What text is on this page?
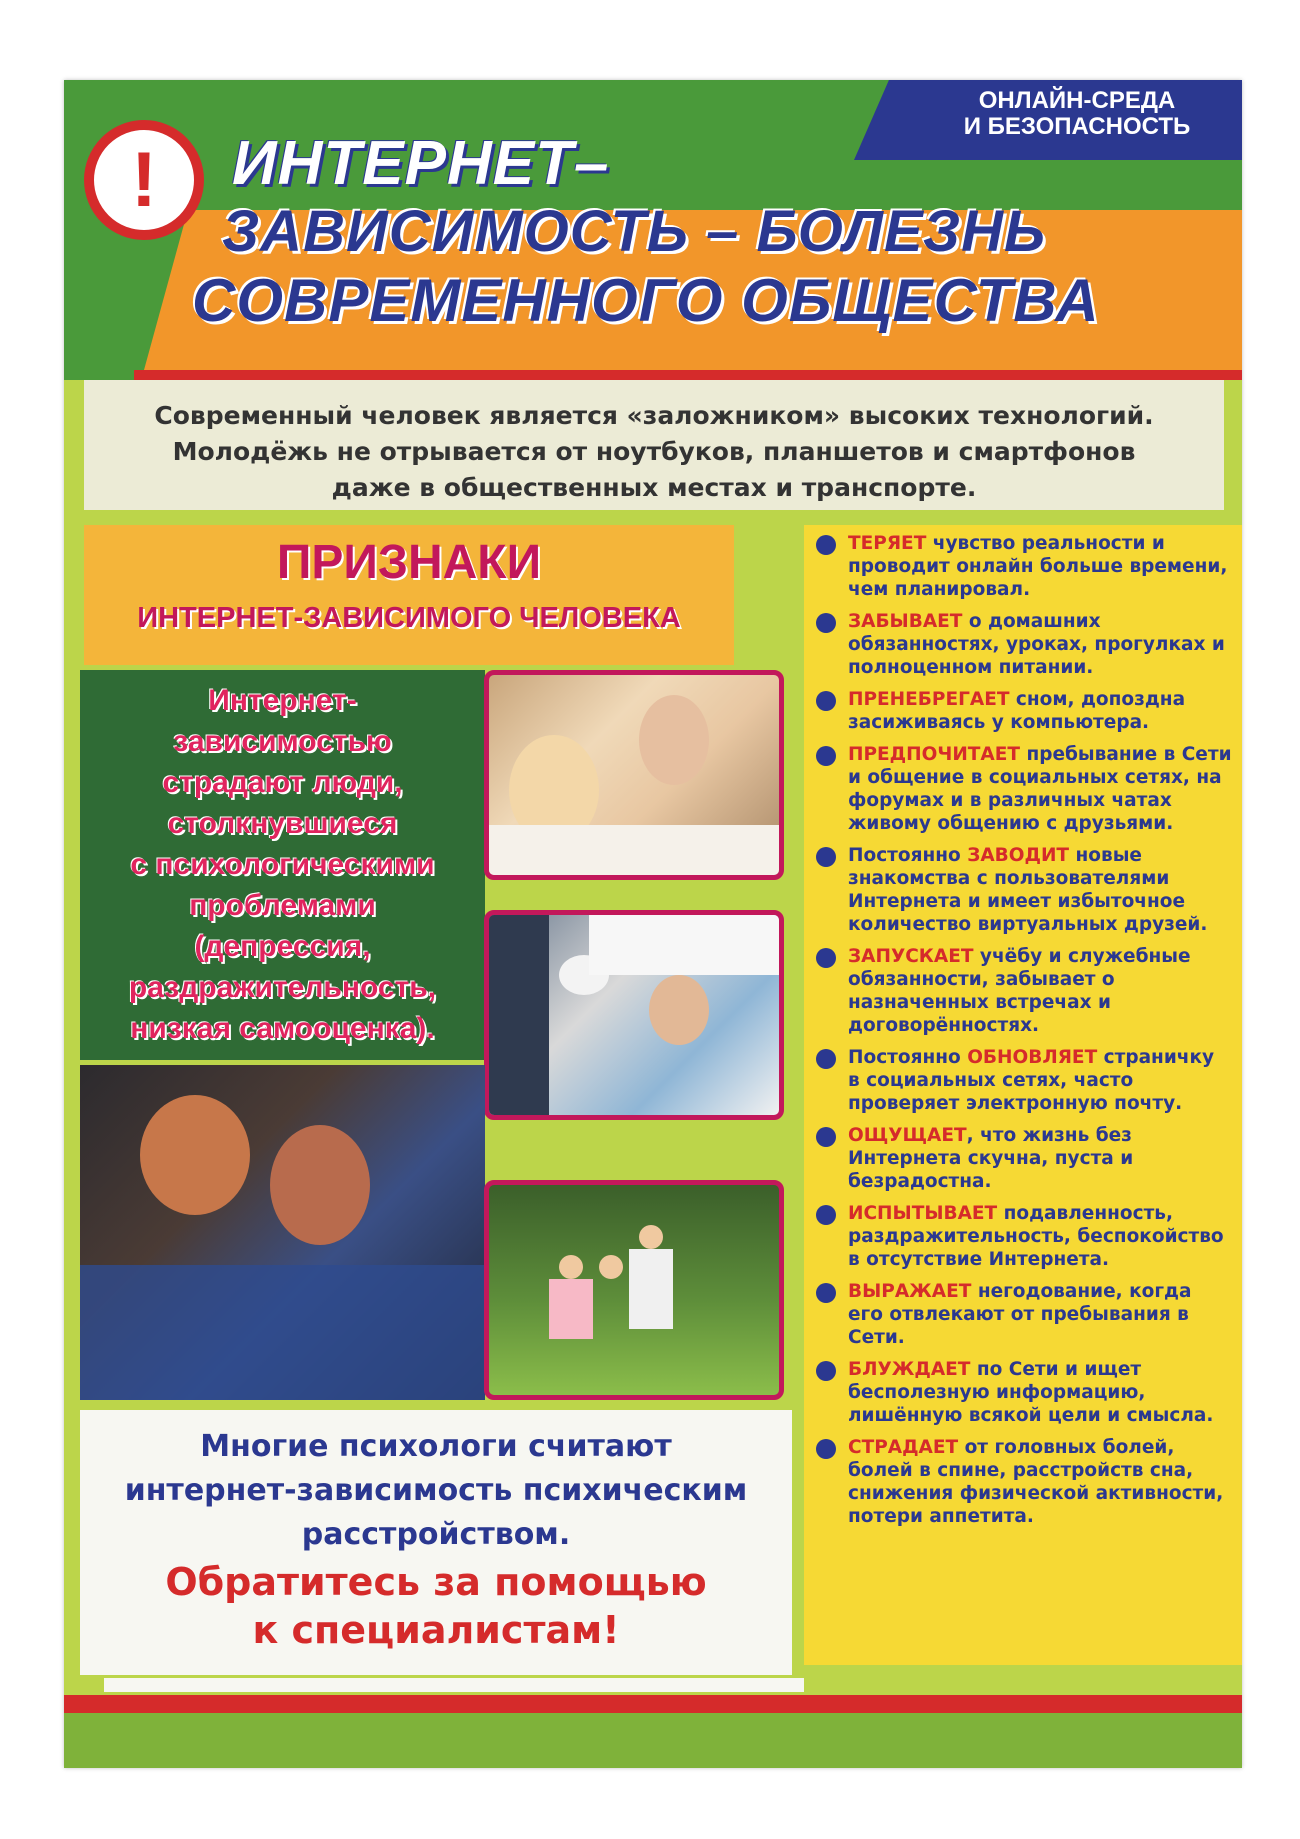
ОНЛАЙН-СРЕДА
И БЕЗОПАСНОСТЬ
!	ИНТЕРНЕТ–
ЗАВИСИМОСТЬ – БОЛЕЗНЬ
СОВРЕМЕННОГО ОБЩЕСТВА
Современный человек является «заложником» высоких технологий.
Молодёжь не отрывается от ноутбуков, планшетов и смартфонов
даже в общественных местах и транспорте.
ПРИЗНАКИ
ИНТЕРНЕТ-ЗАВИСИМОГО ЧЕЛОВЕКА
Интернет-
зависимостью
страдают люди,
столкнувшиеся
с психологическими
проблемами
(депрессия,
раздражительность,
низкая самооценка).
Многие психологи считают
интернет-зависимость психическим
расстройством.
Обратитесь за помощью
к специалистам!
ТЕРЯЕТ чувство реальности и проводит онлайн больше времени, чем планировал.
ЗАБЫВАЕТ о домашних обязанностях, уроках, прогулках и полноценном питании.
ПРЕНЕБРЕГАЕТ сном, допоздна засиживаясь у компьютера.
ПРЕДПОЧИТАЕТ пребывание в Сети и общение в социальных сетях, на форумах и в различных чатах живому общению с друзьями.
Постоянно ЗАВОДИТ новые знакомства с пользователями Интернета и имеет избыточное количество виртуальных друзей.
ЗАПУСКАЕТ учёбу и служебные обязанности, забывает о назначенных встречах и договорённостях.
Постоянно ОБНОВЛЯЕТ страничку в социальных сетях, часто проверяет электронную почту.
ОЩУЩАЕТ, что жизнь без Интернета скучна, пуста и безрадостна.
ИСПЫТЫВАЕТ подавленность, раздражительность, беспокойство в отсутствие Интернета.
ВЫРАЖАЕТ негодование, когда его отвлекают от пребывания в Сети.
БЛУЖДАЕТ по Сети и ищет бесполезную информацию, лишённую всякой цели и смысла.
СТРАДАЕТ от головных болей, болей в спине, расстройств сна, снижения физической активности, потери аппетита.
